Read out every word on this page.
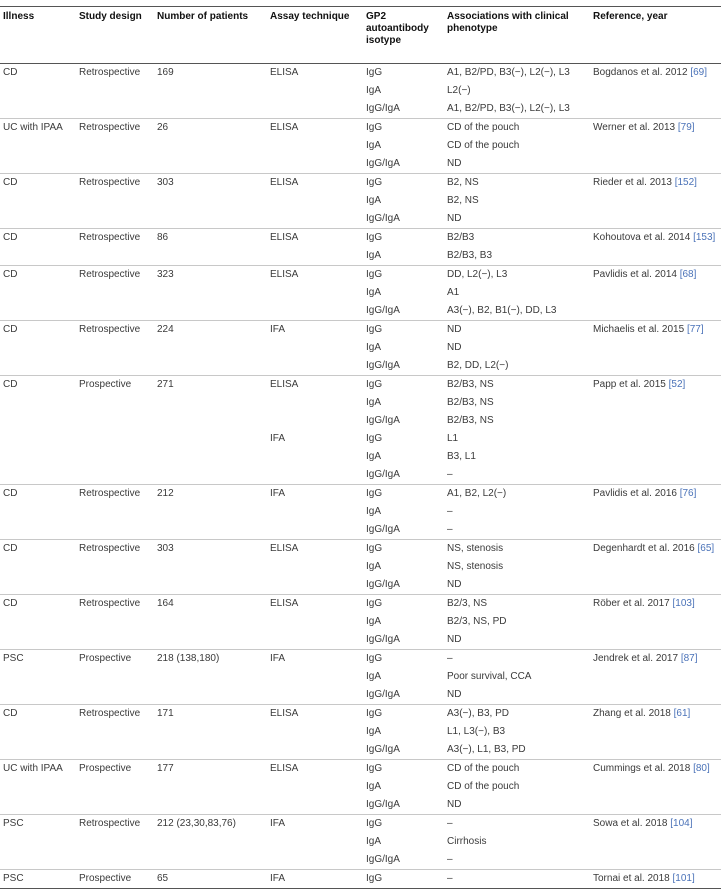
Illness	Study design	Number of patients	Assay technique	GP2 autoantibody isotype	Associations with clinical phenotype	Reference, year
CD	Retrospective	169	ELISA	IgG	A1, B2/PD, B3(−), L2(−), L3	Bogdanos et al. 2012 [69]
				IgA	L2(−)	
				IgG/IgA	A1, B2/PD, B3(−), L2(−), L3	
UC with IPAA	Retrospective	26	ELISA	IgG	CD of the pouch	Werner et al. 2013 [79]
				IgA	CD of the pouch	
				IgG/IgA	ND	
CD	Retrospective	303	ELISA	IgG	B2, NS	Rieder et al. 2013 [152]
				IgA	B2, NS	
				IgG/IgA	ND	
CD	Retrospective	86	ELISA	IgG	B2/B3	Kohoutova et al. 2014 [153]
				IgA	B2/B3, B3	
CD	Retrospective	323	ELISA	IgG	DD, L2(−), L3	Pavlidis et al. 2014 [68]
				IgA	A1	
				IgG/IgA	A3(−), B2, B1(−), DD, L3	
CD	Retrospective	224	IFA	IgG	ND	Michaelis et al. 2015 [77]
				IgA	ND	
				IgG/IgA	B2, DD, L2(−)	
CD	Prospective	271	ELISA	IgG	B2/B3, NS	Papp et al. 2015 [52]
				IgA	B2/B3, NS	
				IgG/IgA	B2/B3, NS	
			IFA	IgG	L1	
				IgA	B3, L1	
				IgG/IgA	–	
CD	Retrospective	212	IFA	IgG	A1, B2, L2(−)	Pavlidis et al. 2016 [76]
				IgA	–	
				IgG/IgA	–	
CD	Retrospective	303	ELISA	IgG	NS, stenosis	Degenhardt et al. 2016 [65]
				IgA	NS, stenosis	
				IgG/IgA	ND	
CD	Retrospective	164	ELISA	IgG	B2/3, NS	Röber et al. 2017 [103]
				IgA	B2/3, NS, PD	
				IgG/IgA	ND	
PSC	Prospective	218 (138,180)	IFA	IgG	–	Jendrek et al. 2017 [87]
				IgA	Poor survival, CCA	
				IgG/IgA	ND	
CD	Retrospective	171	ELISA	IgG	A3(−), B3, PD	Zhang et al. 2018 [61]
				IgA	L1, L3(−), B3	
				IgG/IgA	A3(−), L1, B3, PD	
UC with IPAA	Prospective	177	ELISA	IgG	CD of the pouch	Cummings et al. 2018 [80]
				IgA	CD of the pouch	
				IgG/IgA	ND	
PSC	Retrospective	212 (23,30,83,76)	IFA	IgG	–	Sowa et al. 2018 [104]
				IgA	Cirrhosis	
				IgG/IgA	–	
PSC	Prospective	65	IFA	IgG	–	Tornai et al. 2018 [101]
